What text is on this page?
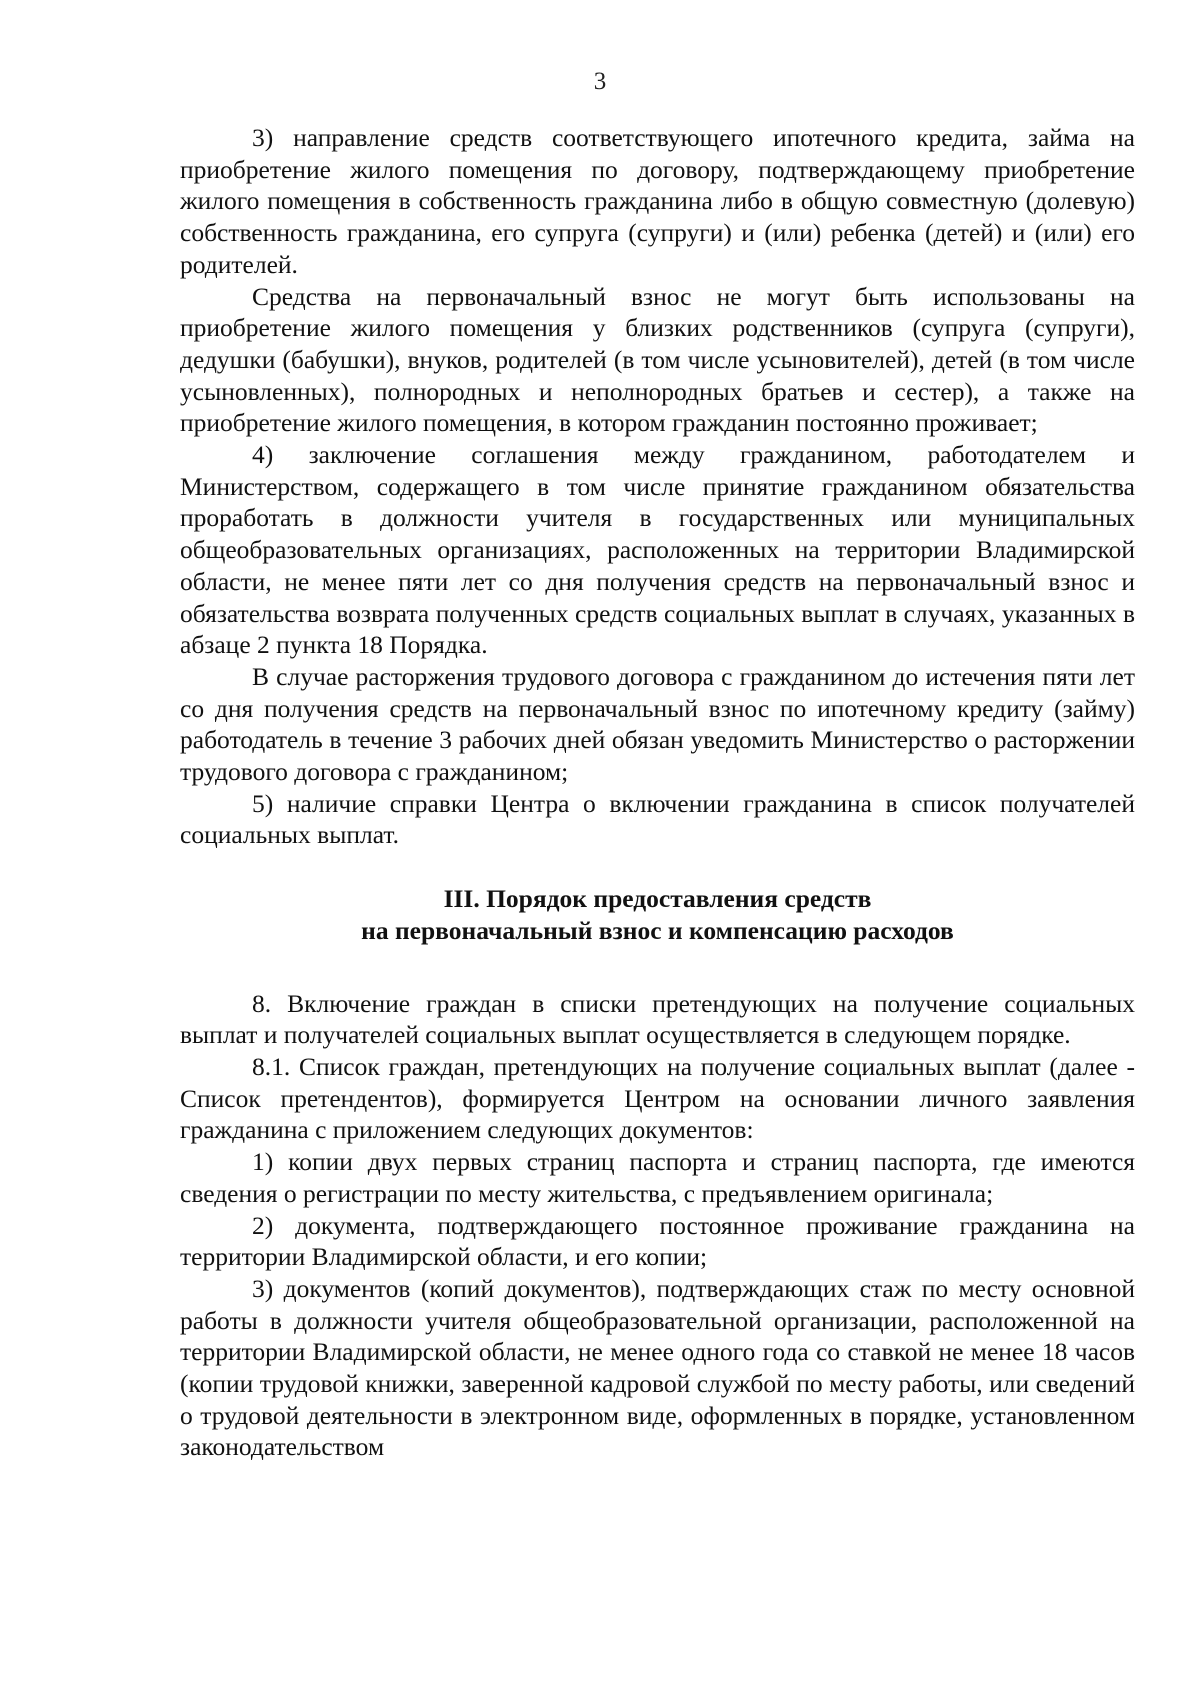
3

3) направление средств соответствующего ипотечного кредита, займа на приобретение жилого помещения по договору, подтверждающему приобретение жилого помещения в собственность гражданина либо в общую совместную (долевую) собственность гражданина, его супруга (супруги) и (или) ребенка (детей) и (или) его родителей.

Средства на первоначальный взнос не могут быть использованы на приобретение жилого помещения у близких родственников (супруга (супруги), дедушки (бабушки), внуков, родителей (в том числе усыновителей), детей (в том числе усыновленных), полнородных и неполнородных братьев и сестер), а также на приобретение жилого помещения, в котором гражданин постоянно проживает;

4) заключение соглашения между гражданином, работодателем и Министерством, содержащего в том числе принятие гражданином обязательства проработать в должности учителя в государственных или муниципальных общеобразовательных организациях, расположенных на территории Владимирской области, не менее пяти лет со дня получения средств на первоначальный взнос и обязательства возврата полученных средств социальных выплат в случаях, указанных в абзаце 2 пункта 18 Порядка.

В случае расторжения трудового договора с гражданином до истечения пяти лет со дня получения средств на первоначальный взнос по ипотечному кредиту (займу) работодатель в течение 3 рабочих дней обязан уведомить Министерство о расторжении трудового договора с гражданином;

5) наличие справки Центра о включении гражданина в список получателей социальных выплат.

III. Порядок предоставления средств

на первоначальный взнос и компенсацию расходов

8. Включение граждан в списки претендующих на получение социальных выплат и получателей социальных выплат осуществляется в следующем порядке.

8.1. Список граждан, претендующих на получение социальных выплат (далее - Список претендентов), формируется Центром на основании личного заявления гражданина с приложением следующих документов:

1) копии двух первых страниц паспорта и страниц паспорта, где имеются сведения о регистрации по месту жительства, с предъявлением оригинала;

2) документа, подтверждающего постоянное проживание гражданина на территории Владимирской области, и его копии;

3) документов (копий документов), подтверждающих стаж по месту основной работы в должности учителя общеобразовательной организации, расположенной на территории Владимирской области, не менее одного года со ставкой не менее 18 часов (копии трудовой книжки, заверенной кадровой службой по месту работы, или сведений о трудовой деятельности в электронном виде, оформленных в порядке, установленном законодательством
